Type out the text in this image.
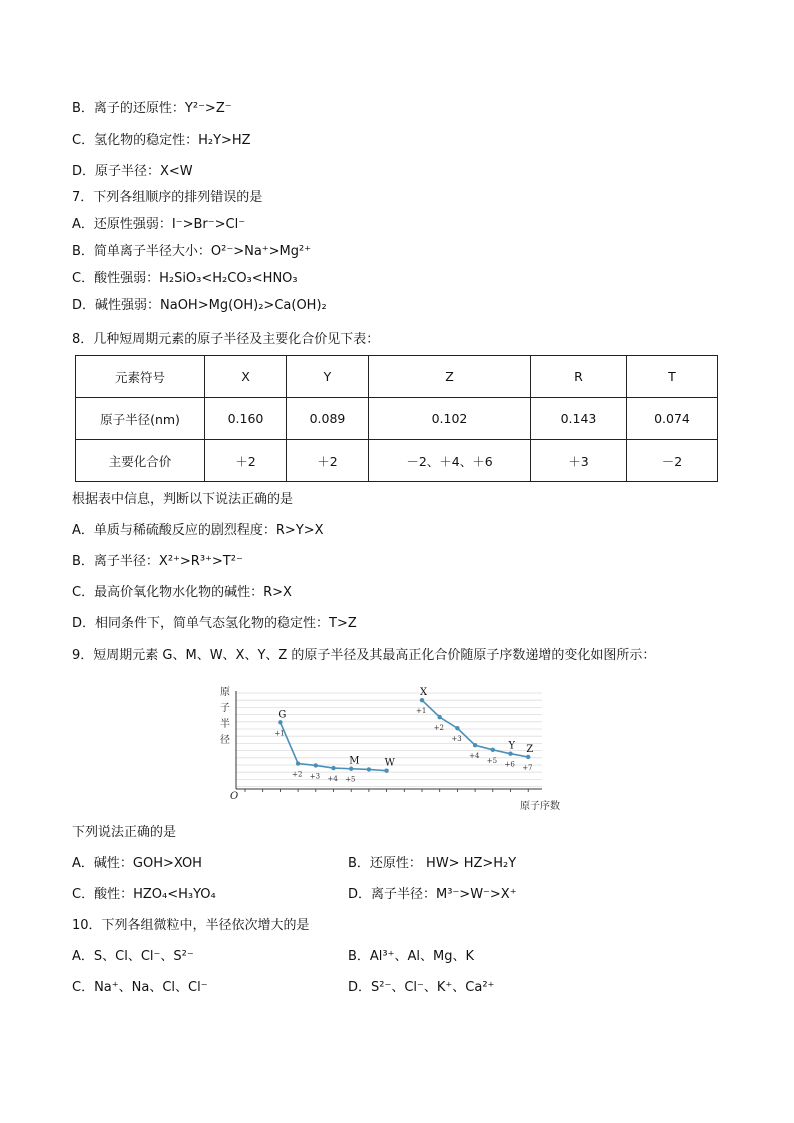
B．离子的还原性：Y²⁻>Z⁻
C．氢化物的稳定性：H₂Y>HZ
D．原子半径：X<W
7．下列各组顺序的排列错误的是
A．还原性强弱：I⁻>Br⁻>Cl⁻
B．简单离子半径大小：O²⁻>Na⁺>Mg²⁺
C．酸性强弱：H₂SiO₃<H₂CO₃<HNO₃
D．碱性强弱：NaOH>Mg(OH)₂>Ca(OH)₂
8．几种短周期元素的原子半径及主要化合价见下表：
元素符号	X	Y	Z	R	T
原子半径(nm)	0.160	0.089	0.102	0.143	0.074
主要化合价	＋2	＋2	－2、＋4、＋6	＋3	－2
根据表中信息，判断以下说法正确的是
A．单质与稀硫酸反应的剧烈程度：R>Y>X
B．离子半径：X²⁺>R³⁺>T²⁻
C．最高价氧化物水化物的碱性：R>X
D．相同条件下，简单气态氢化物的稳定性：T>Z
9．短周期元素 G、M、W、X、Y、Z 的原子半径及其最高正化合价随原子序数递增的变化如图所示：
原
子
半
径
O
原子序数
+1
G
+2 +3 +4 +5
M	W
+1
X
+2
+3
+4
+5 +6
Y
+7
Z
下列说法正确的是
A．碱性：GOH>XOH	B．还原性： HW> HZ>H₂Y
C．酸性：HZO₄<H₃YO₄	D．离子半径：M³⁻>W⁻>X⁺
10．下列各组微粒中，半径依次增大的是
A．S、Cl、Cl⁻、S²⁻	B．Al³⁺、Al、Mg、K
C．Na⁺、Na、Cl、Cl⁻	D．S²⁻、Cl⁻、K⁺、Ca²⁺
